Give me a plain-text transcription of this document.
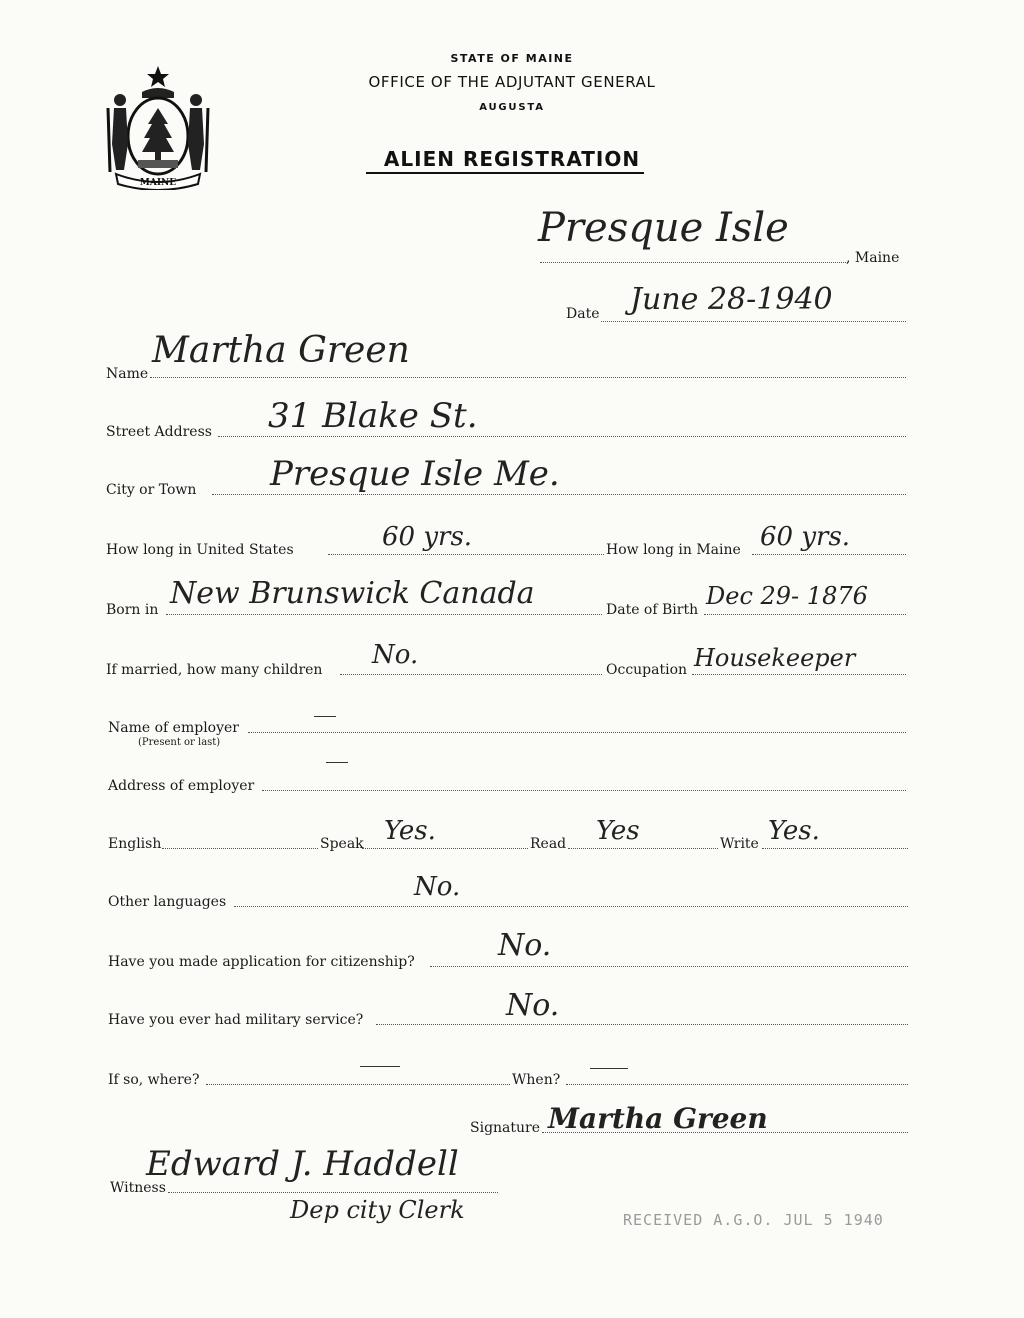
MAINE
STATE OF MAINE
OFFICE OF THE ADJUTANT GENERAL
AUGUSTA
ALIEN REGISTRATION
Presque Isle
, Maine
Date June 28-1940
Name
Martha Green
Street Address 31 Blake St.
City or Town Presque Isle Me.
How long in United States	60 yrs.	How long in Maine 60 yrs.
Born in New Brunswick Canada	Date of Birth Dec 29- 1876
If married, how many children No.	Occupation Housekeeper
Name of employer
(Present or last)
Address of employer
English	Speak Yes.	Read Yes	Write Yes.
Other languages	No.
Have you made application for citizenship?	No.
Have you ever had military service?	No.
If so, where?	When?
Signature Martha Green
Witness
Edward J. Haddell
Dep city Clerk	RECEIVED A.G.O. JUL 5 1940
